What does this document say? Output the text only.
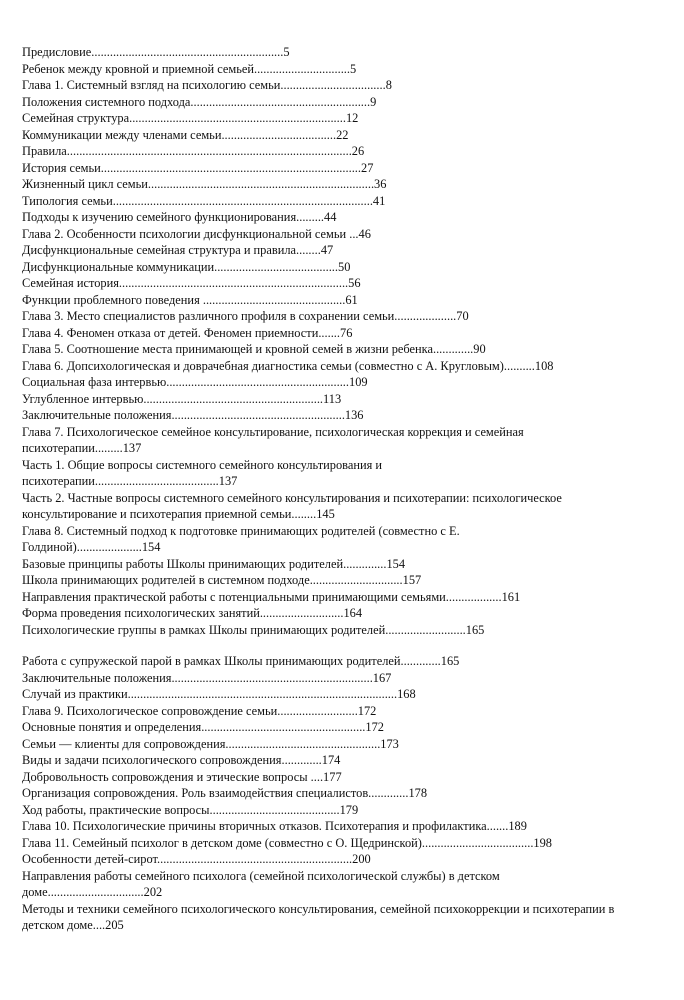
Предисловие..............................................................5
Ребенок между кровной и приемной семьей...............................5
Глава 1. Системный взгляд на психологию семьи..................................8
Положения системного подхода..........................................................9
Семейная структура......................................................................12
Коммуникации между членами семьи.....................................22
Правила............................................................................................26
История семьи....................................................................................27
Жизненный цикл семьи.........................................................................36
Типология семьи....................................................................................41
Подходы к изучению семейного функционирования.........44
Глава 2. Особенности психологии дисфункциональной семьи ...46
Дисфункциональные семейная структура и правила........47
Дисфункциональные коммуникации........................................50
Семейная история..........................................................................56
Функции проблемного поведения ..............................................61
Глава 3. Место специалистов различного профиля в сохранении семьи....................70
Глава 4. Феномен отказа от детей. Феномен приемности.......76
Глава 5. Соотношение места принимающей и кровной семей в жизни ребенка.............90
Глава 6. Допсихологическая и доврачебная диагностика семьи (совместно с А. Кругловым)..........108
Социальная фаза интервью...........................................................109
Углубленное интервью..........................................................113
Заключительные положения........................................................136
Глава 7. Психологическое семейное консультирование, психологическая коррекция и семейная психотерапии.........137
Часть 1. Общие вопросы системного семейного консультирования и психотерапии........................................137
Часть 2. Частные вопросы системного семейного консультирования и психотерапии: психологическое консультирование и психотерапия приемной семьи........145
Глава 8. Системный подход к подготовке принимающих родителей (совместно с Е. Голдиной).....................154
Базовые принципы работы Школы принимающих родителей..............154
Школа принимающих родителей в системном подходе..............................157
Направления практической работы с потенциальными принимающими семьями..................161
Форма проведения психологических занятий...........................164
Психологические группы в рамках Школы принимающих родителей..........................165
Работа с супружеской парой в рамках Школы принимающих родителей.............165
Заключительные положения.................................................................167
Случай из практики.......................................................................................168
Глава 9. Психологическое сопровождение семьи..........................172
Основные понятия и определения.....................................................172
Семьи — клиенты для сопровождения..................................................173
Виды и задачи психологического сопровождения.............174
Добровольность сопровождения и этические вопросы ....177
Организация сопровождения. Роль взаимодействия специалистов.............178
Ход работы, практические вопросы..........................................179
Глава 10. Психологические причины вторичных отказов. Психотерапия и профилактика.......189
Глава 11. Семейный психолог в детском доме (совместно с О. Щедринской)....................................198
Особенности детей-сирот...............................................................200
Направления работы семейного психолога (семейной психологической службы) в детском доме...............................202
Методы и техники семейного психологического консультирования, семейной психокоррекции и психотерапии в детском доме....205
